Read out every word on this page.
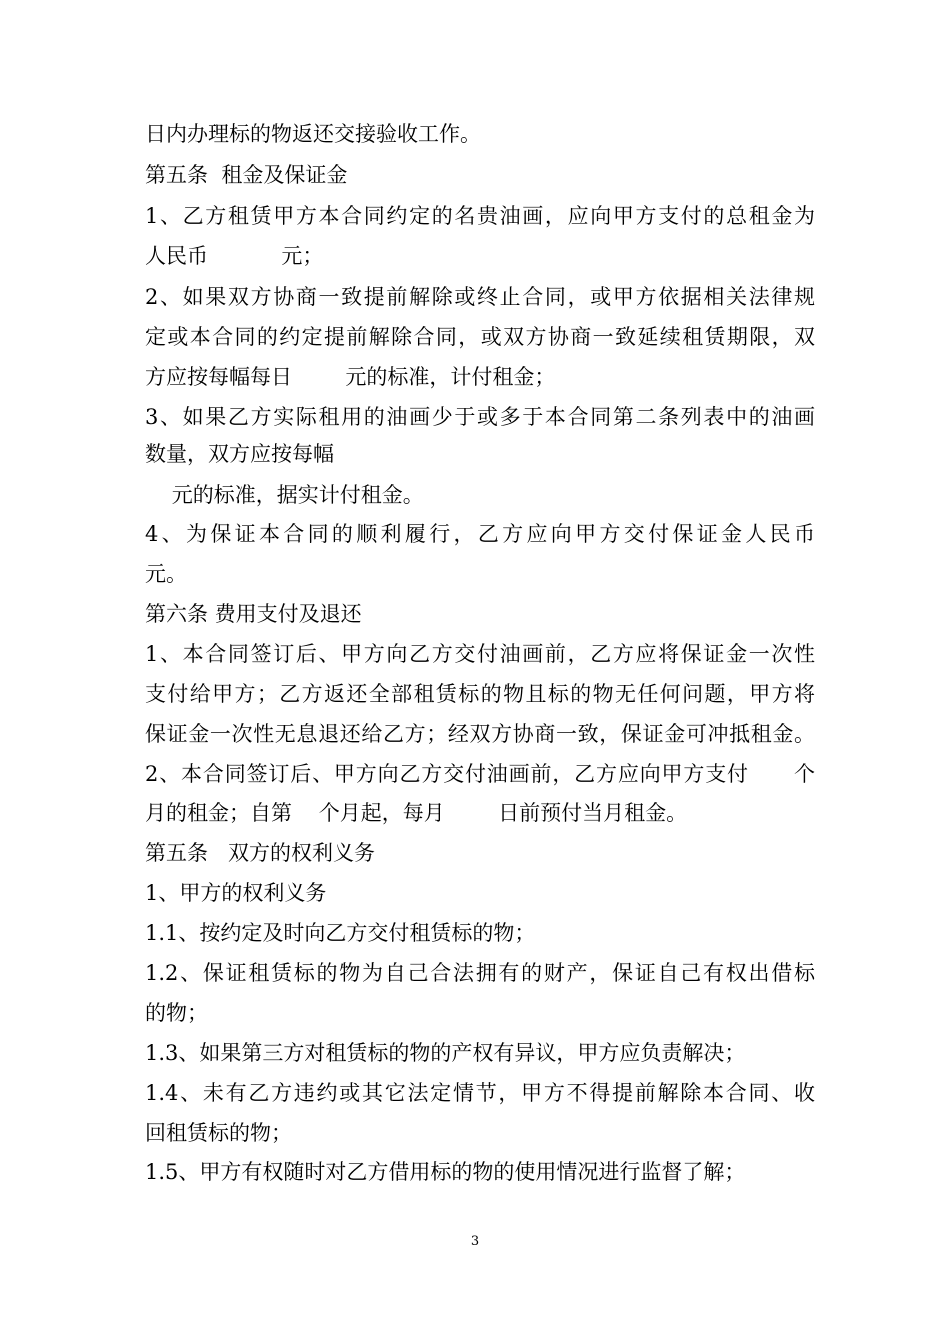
日内办理标的物返还交接验收工作。
第五条  租金及保证金
1、乙方租赁甲方本合同约定的名贵油画，应向甲方支付的总租金为
人民币           元；
2、如果双方协商一致提前解除或终止合同，或甲方依据相关法律规
定或本合同的约定提前解除合同，或双方协商一致延续租赁期限，双
方应按每幅每日        元的标准，计付租金；
3、如果乙方实际租用的油画少于或多于本合同第二条列表中的油画
数量，双方应按每幅
元的标准，据实计付租金。
4、为保证本合同的顺利履行，乙方应向甲方交付保证金人民币
元。
第六条 费用支付及退还
1、本合同签订后、甲方向乙方交付油画前，乙方应将保证金一次性
支付给甲方；乙方返还全部租赁标的物且标的物无任何问题，甲方将
保证金一次性无息退还给乙方；经双方协商一致，保证金可冲抵租金。
2、本合同签订后、甲方向乙方交付油画前，乙方应向甲方支付      个
月的租金；自第    个月起，每月        日前预付当月租金。
第五条   双方的权利义务
1、甲方的权利义务
1.1、按约定及时向乙方交付租赁标的物；
1.2、保证租赁标的物为自己合法拥有的财产，保证自己有权出借标
的物；
1.3、如果第三方对租赁标的物的产权有异议，甲方应负责解决；
1.4、未有乙方违约或其它法定情节，甲方不得提前解除本合同、收
回租赁标的物；
1.5、甲方有权随时对乙方借用标的物的使用情况进行监督了解；
3
